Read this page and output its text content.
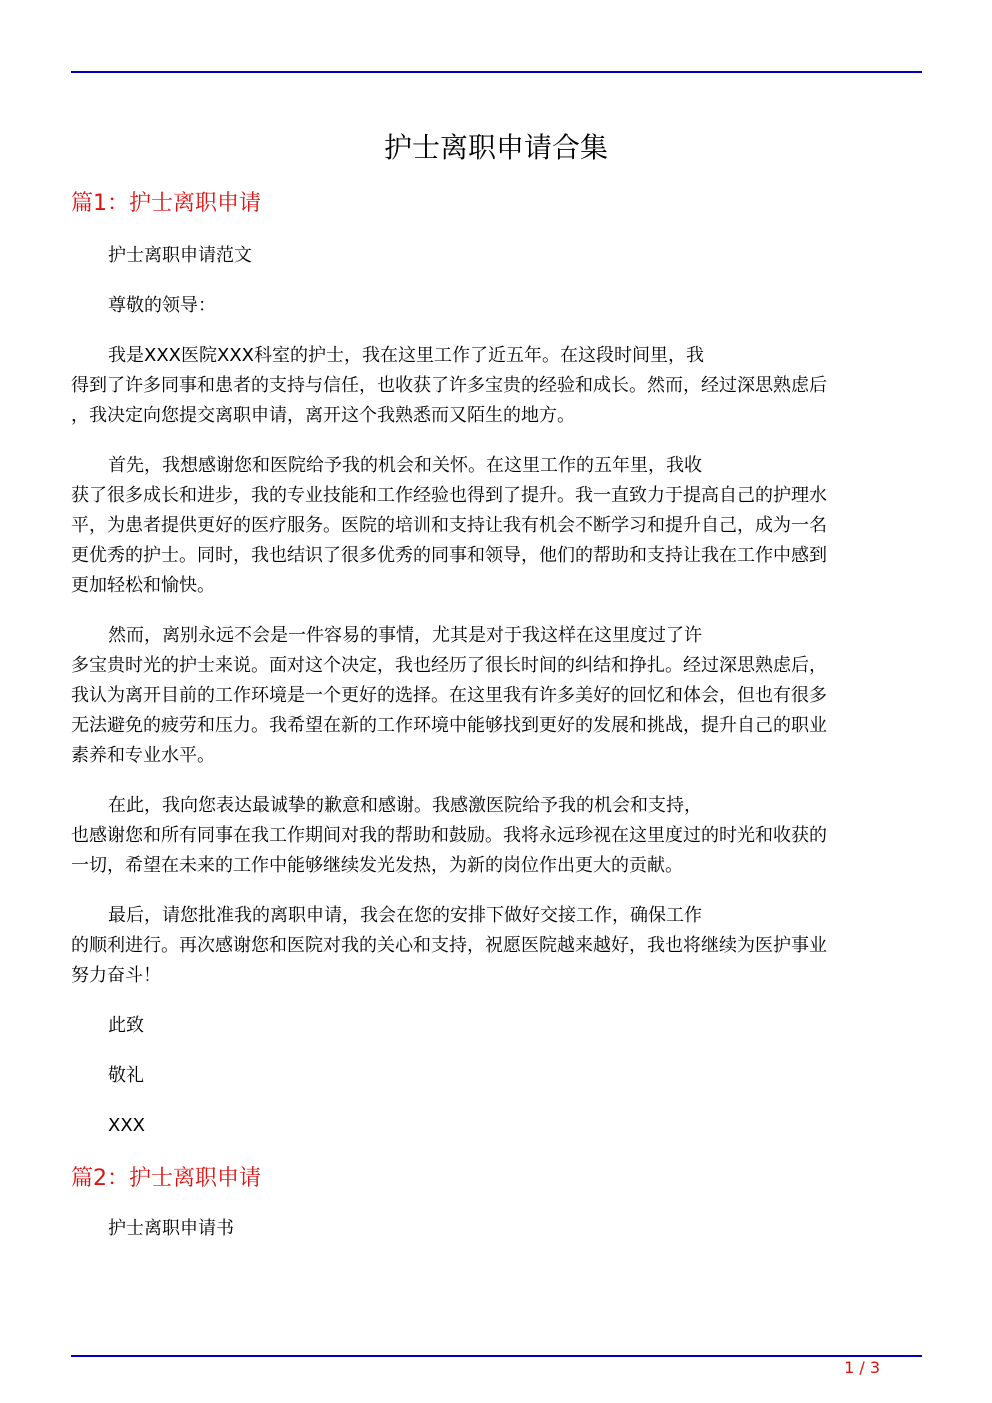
护士离职申请合集
篇1：护士离职申请
护士离职申请范文
尊敬的领导：
我是XXX医院XXX科室的护士，我在这里工作了近五年。在这段时间里，我
得到了许多同事和患者的支持与信任，也收获了许多宝贵的经验和成长。然而，经过深思熟虑后
，我决定向您提交离职申请，离开这个我熟悉而又陌生的地方。
首先，我想感谢您和医院给予我的机会和关怀。在这里工作的五年里，我收
获了很多成长和进步，我的专业技能和工作经验也得到了提升。我一直致力于提高自己的护理水
平，为患者提供更好的医疗服务。医院的培训和支持让我有机会不断学习和提升自己，成为一名
更优秀的护士。同时，我也结识了很多优秀的同事和领导，他们的帮助和支持让我在工作中感到
更加轻松和愉快。
然而，离别永远不会是一件容易的事情，尤其是对于我这样在这里度过了许
多宝贵时光的护士来说。面对这个决定，我也经历了很长时间的纠结和挣扎。经过深思熟虑后，
我认为离开目前的工作环境是一个更好的选择。在这里我有许多美好的回忆和体会，但也有很多
无法避免的疲劳和压力。我希望在新的工作环境中能够找到更好的发展和挑战，提升自己的职业
素养和专业水平。
在此，我向您表达最诚挚的歉意和感谢。我感激医院给予我的机会和支持，
也感谢您和所有同事在我工作期间对我的帮助和鼓励。我将永远珍视在这里度过的时光和收获的
一切，希望在未来的工作中能够继续发光发热，为新的岗位作出更大的贡献。
最后，请您批准我的离职申请，我会在您的安排下做好交接工作，确保工作
的顺利进行。再次感谢您和医院对我的关心和支持，祝愿医院越来越好，我也将继续为医护事业
努力奋斗！
此致
敬礼
XXX
篇2：护士离职申请
护士离职申请书
1 / 3
